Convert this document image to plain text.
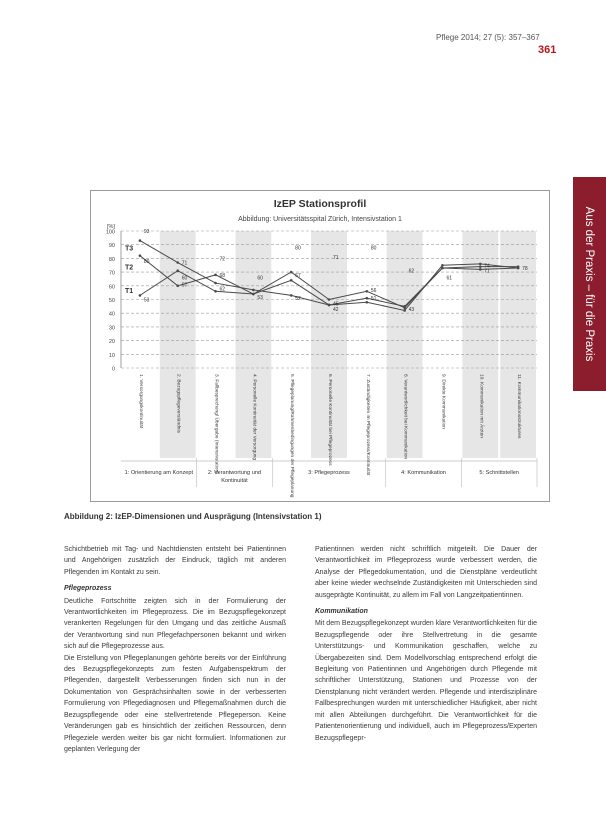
Pflege 2014; 27 (5): 357–367
361
Aus der Praxis – für die Praxis
IzEP Stationsprofil
Abbildung: Universitätsspital Zürich, Intensivstation 1
0
10
20
30
40
50
60
70
80
90
100
[%]
T3
T2
T1
93
80
53
71
60
57
72
68
62
60
53
80
67
52
71
45
42
80
56
51
62
43
61
74
71	78
1. Versorgungskontinuität	2. Bezugspflegeverständnis	3. Fallbesprechung/ Übergabe (Intensivstation)	4. Personelle Kontinuität der Versorgung	5. Pflegeplanung/Rahmenbedingungen der Pflegeplanung	6. Personelle Kontinuität bei Pflegeprozess	7. Zuständigkeiten im Pflegeprozess/Kontinuität	8. Verantwortlichkeit bei Kommunikation	9. Direkte Kommunikation	10. Kommunikation mit Ärzten	11. Kommunikationsstrukturen
1: Orientierung am Konzept	2: Verantwortung und
Kontinuität
3: Pflegeprozess	4: Kommunikation	5: Schnittstellen
Abbildung 2: IzEP-Dimensionen und Ausprägung (Intensivstation 1)

Schichtbetrieb mit Tag- und Nachtdiensten entsteht bei Patientinnen und Angehörigen zusätzlich der Eindruck, täglich mit anderen Pflegenden im Kontakt zu sein.

Pflegeprozess

Deutliche Fortschritte zeigten sich in der Formulierung der Verantwortlichkeiten im Pflegeprozess. Die im Bezugspflegekonzept verankerten Regelungen für den Umgang und das zeitliche Ausmaß der Verantwortung sind nun Pflegefachpersonen bekannt und wirken sich auf die Pflegeprozesse aus.

Die Erstellung von Pflegeplanungen gehörte bereits vor der Einführung des Bezugspflegekonzepts zum festen Aufgabenspektrum der Pflegenden, dargestellt Verbesserungen finden sich nun in der Dokumentation von Gesprächsinhalten sowie in der verbesserten Formulierung von Pflegediagnosen und Pflegemaßnahmen durch die Bezugspflegende oder eine stellvertretende Pflegeperson. Keine Veränderungen gab es hinsichtlich der zeitlichen Ressourcen, denn Pflegeziele werden weiter bis gar nicht formuliert. Informationen zur geplanten Verlegung der

Patientinnen werden nicht schriftlich mitgeteilt. Die Dauer der Verantwortlichkeit im Pflegeprozess wurde verbessert werden, die Analyse der Pflegedokumentation, und die Dienstpläne verdeutlicht aber keine wieder wechselnde Zuständigkeiten mit Unterschieden sind ausgeprägte Kontinuität, zu allem im Fall von Langzeitpatientinnen.

Kommunikation

Mit dem Bezugspflegekonzept wurden klare Verantwortlichkeiten für die Bezugspflegende oder ihre Stellvertretung in die gesamte Unterstützungs- und Kommunikation geschaffen, welche zu Übergabezeiten sind. Dem Modellvorschlag entsprechend erfolgt die Begleitung von Patientinnen und Angehörigen durch Pflegende mit schriftlicher Unterstützung, Stationen und Prozesse von der Dienstplanung nicht verändert werden. Pflegende und interdisziplinäre Fallbesprechungen wurden mit unterschiedlicher Häufigkeit, aber nicht mit allen Abteilungen durchgeführt. Die Verantwortlichkeit für die Patientenorientierung und individuell, auch im Pflegeprozess/Experten Bezugspflegepr-
